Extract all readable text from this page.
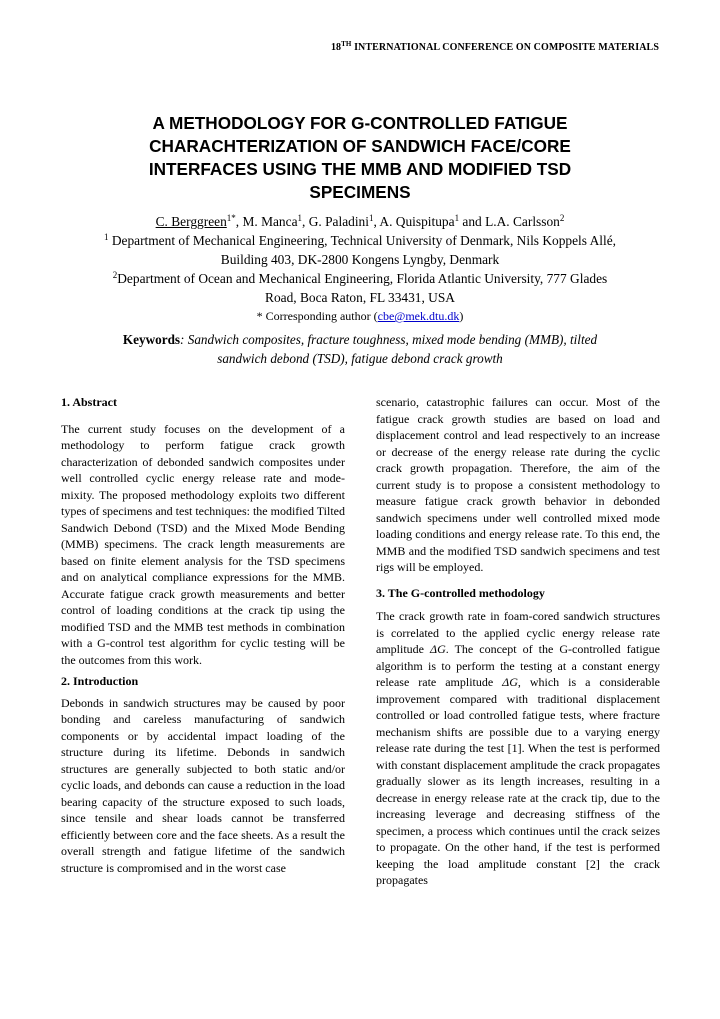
18TH INTERNATIONAL CONFERENCE ON COMPOSITE MATERIALS
A METHODOLOGY FOR G-CONTROLLED FATIGUE
CHARACHTERIZATION OF SANDWICH FACE/CORE
INTERFACES USING THE MMB AND MODIFIED TSD
SPECIMENS
C. Berggreen$^{1*}$, M. Manca$^1$, G. Paladini$^1$, A. Quispitupa$^1$ and L.A. Carlsson$^2$
$^1$ Department of Mechanical Engineering, Technical University of Denmark, Nils Koppels Allé,
Building 403, DK-2800 Kongens Lyngby, Denmark
$^2$Department of Ocean and Mechanical Engineering, Florida Atlantic University, 777 Glades
Road, Boca Raton, FL 33431, USA
* Corresponding author (cbe@mek.dtu.dk)
Keywords: Sandwich composites, fracture toughness, mixed mode bending (MMB), tilted
sandwich debond (TSD), fatigue debond crack growth
1. Abstract

The current study focuses on the development of a methodology to perform fatigue crack growth characterization of debonded sandwich composites under well controlled cyclic energy release rate and mode-mixity. The proposed methodology exploits two different types of specimens and test techniques: the modified Tilted Sandwich Debond (TSD) and the Mixed Mode Bending (MMB) specimens. The crack length measurements are based on finite element analysis for the TSD specimens and on analytical compliance expressions for the MMB. Accurate fatigue crack growth measurements and better control of loading conditions at the crack tip using the modified TSD and the MMB test methods in combination with a G-control test algorithm for cyclic testing will be the outcomes from this work.

2. Introduction

Debonds in sandwich structures may be caused by poor bonding and careless manufacturing of sandwich components or by accidental impact loading of the structure during its lifetime. Debonds in sandwich structures are generally subjected to both static and/or cyclic loads, and debonds can cause a reduction in the load bearing capacity of the structure exposed to such loads, since tensile and shear loads cannot be transferred efficiently between core and the face sheets. As a result the overall strength and fatigue lifetime of the sandwich structure is compromised and in the worst case

scenario, catastrophic failures can occur. Most of the fatigue crack growth studies are based on load and displacement control and lead respectively to an increase or decrease of the energy release rate during the cyclic crack growth propagation. Therefore, the aim of the current study is to propose a consistent methodology to measure fatigue crack growth behavior in debonded sandwich specimens under well controlled mixed mode loading conditions and energy release rate. To this end, the MMB and the modified TSD sandwich specimens and test rigs will be employed.

3. The G-controlled methodology

The crack growth rate in foam-cored sandwich structures is correlated to the applied cyclic energy release rate amplitude ΔG. The concept of the G-controlled fatigue algorithm is to perform the testing at a constant energy release rate amplitude ΔG, which is a considerable improvement compared with traditional displacement controlled or load controlled fatigue tests, where fracture mechanism shifts are possible due to a varying energy release rate during the test [1]. When the test is performed with constant displacement amplitude the crack propagates gradually slower as its length increases, resulting in a decrease in energy release rate at the crack tip, due to the increasing leverage and decreasing stiffness of the specimen, a process which continues until the crack seizes to propagate. On the other hand, if the test is performed keeping the load amplitude constant [2] the crack propagates
